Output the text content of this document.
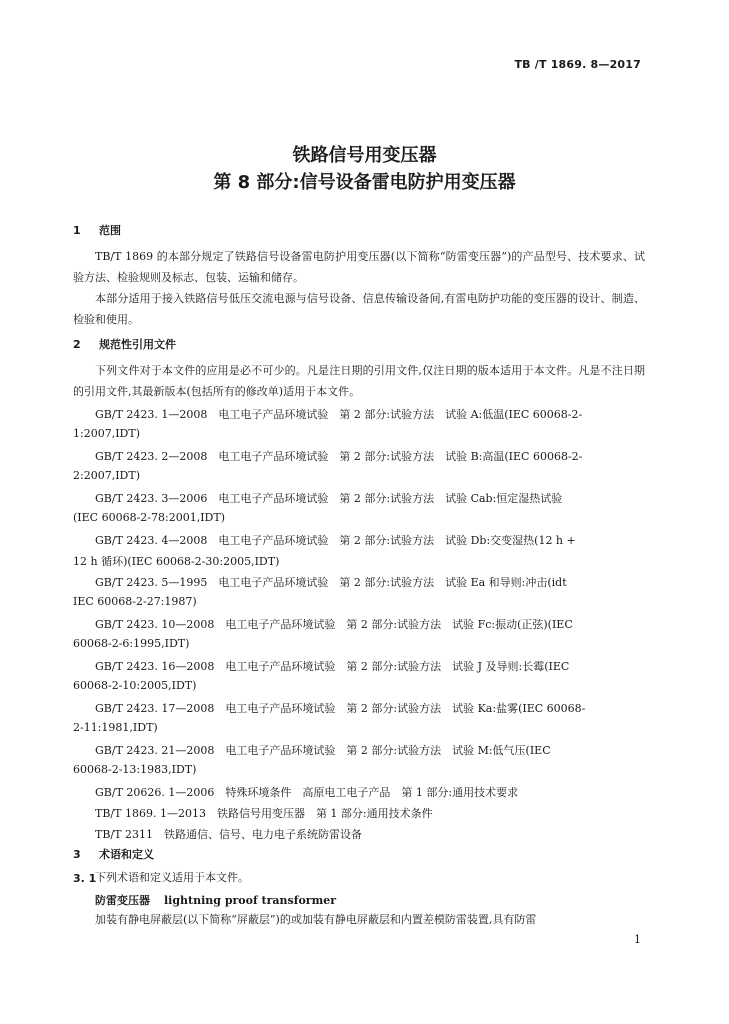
TB /T 1869. 8—2017
铁路信号用变压器
第 8 部分:信号设备雷电防护用变压器
1 范围
TB/T 1869 的本部分规定了铁路信号设备雷电防护用变压器(以下简称“防雷变压器”)的产品型号、技术要求、试验方法、检验规则及标志、包装、运输和储存。
本部分适用于接入铁路信号低压交流电源与信号设备、信息传输设备间,有雷电防护功能的变压器的设计、制造、检验和使用。
2 规范性引用文件
下列文件对于本文件的应用是必不可少的。凡是注日期的引用文件,仅注日期的版本适用于本文件。凡是不注日期的引用文件,其最新版本(包括所有的修改单)适用于本文件。
GB/T 2423. 1—2008　电工电子产品环境试验　第 2 部分:试验方法　试验 A:低温(IEC 60068-2-
1:2007,IDT)
GB/T 2423. 2—2008　电工电子产品环境试验　第 2 部分:试验方法　试验 B:高温(IEC 60068-2-
2:2007,IDT)
GB/T 2423. 3—2006　电工电子产品环境试验　第 2 部分:试验方法　试验 Cab:恒定湿热试验
(IEC 60068-2-78:2001,IDT)
GB/T 2423. 4—2008　电工电子产品环境试验　第 2 部分:试验方法　试验 Db:交变湿热(12 h +
12 h 循环)(IEC 60068-2-30:2005,IDT)
GB/T 2423. 5—1995　电工电子产品环境试验　第 2 部分:试验方法　试验 Ea 和导则:冲击(idt
IEC 60068-2-27:1987)
GB/T 2423. 10—2008　电工电子产品环境试验　第 2 部分:试验方法　试验 Fc:振动(正弦)(IEC
60068-2-6:1995,IDT)
GB/T 2423. 16—2008　电工电子产品环境试验　第 2 部分:试验方法　试验 J 及导则:长霉(IEC
60068-2-10:2005,IDT)
GB/T 2423. 17—2008　电工电子产品环境试验　第 2 部分:试验方法　试验 Ka:盐雾(IEC 60068-
2-11:1981,IDT)
GB/T 2423. 21—2008　电工电子产品环境试验　第 2 部分:试验方法　试验 M:低气压(IEC
60068-2-13:1983,IDT)
GB/T 20626. 1—2006　特殊环境条件　高原电工电子产品　第 1 部分:通用技术要求
TB/T 1869. 1—2013　铁路信号用变压器　第 1 部分:通用技术条件
TB/T 2311　铁路通信、信号、电力电子系统防雷设备
3 术语和定义
下列术语和定义适用于本文件。
3. 1
防雷变压器 lightning proof transformer
加装有静电屏蔽层(以下简称“屏蔽层”)的或加装有静电屏蔽层和内置差模防雷装置,具有防雷
1
